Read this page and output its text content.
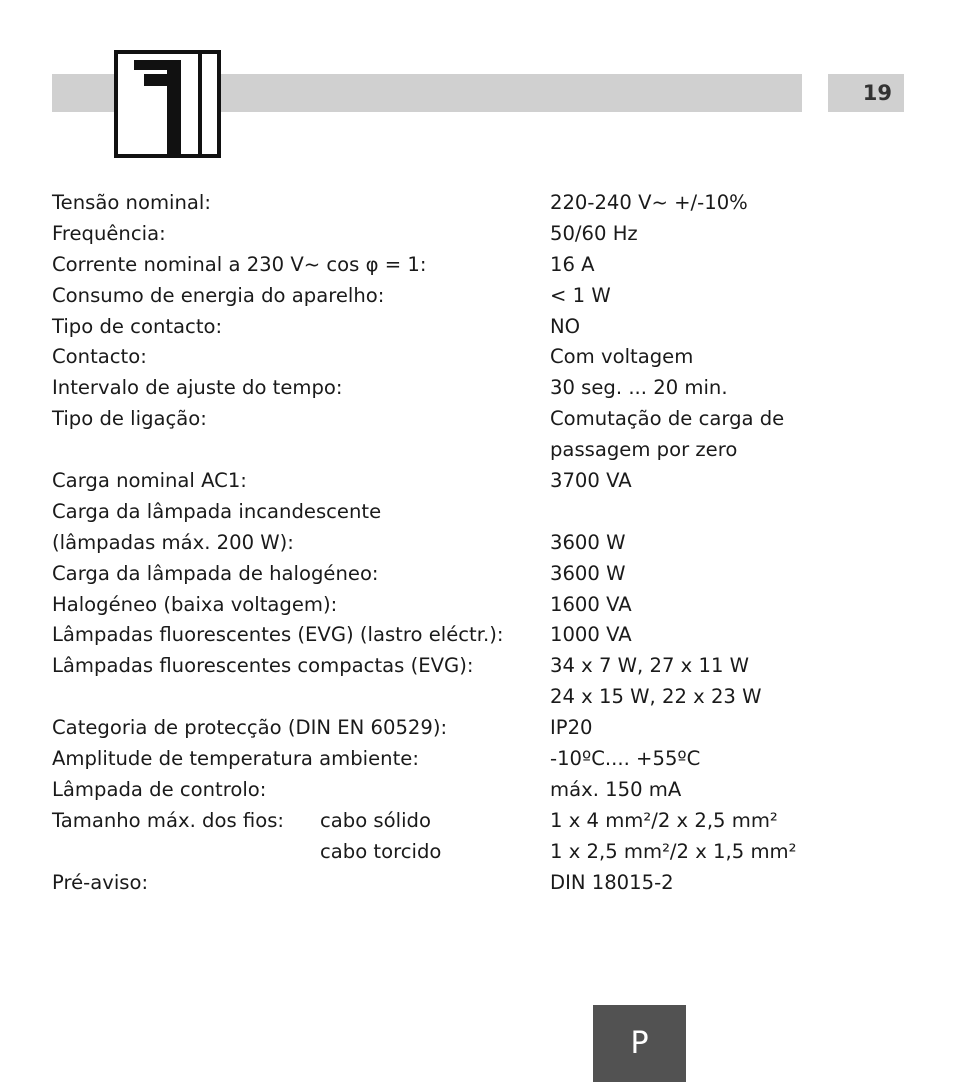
19
Tensão nominal:	220-240 V~ +/-10%
Frequência:	50/60 Hz
Corrente nominal a 230 V~ cos φ = 1:	16 A
Consumo de energia do aparelho:	< 1 W
Tipo de contacto:	NO
Contacto:	Com voltagem
Intervalo de ajuste do tempo:	30 seg. ... 20 min.
Tipo de ligação:	Comutação de carga de
passagem por zero
Carga nominal AC1:	3700 VA
Carga da lâmpada incandescente
(lâmpadas máx. 200 W):	3600 W
Carga da lâmpada de halogéneo:	3600 W
Halogéneo (baixa voltagem):	1600 VA
Lâmpadas fluorescentes (EVG) (lastro eléctr.): 1000 VA
Lâmpadas fluorescentes compactas (EVG):	34 x 7 W, 27 x 11 W
24 x 15 W, 22 x 23 W
Categoria de protecção (DIN EN 60529):	IP20
Amplitude de temperatura ambiente:	-10ºC.... +55ºC
Lâmpada de controlo:	máx. 150 mA
Tamanho máx. dos fios: cabo sólido	1 x 4 mm²/2 x 2,5 mm²
cabo torcido	1 x 2,5 mm²/2 x 1,5 mm²
Pré-aviso:	DIN 18015-2
P
